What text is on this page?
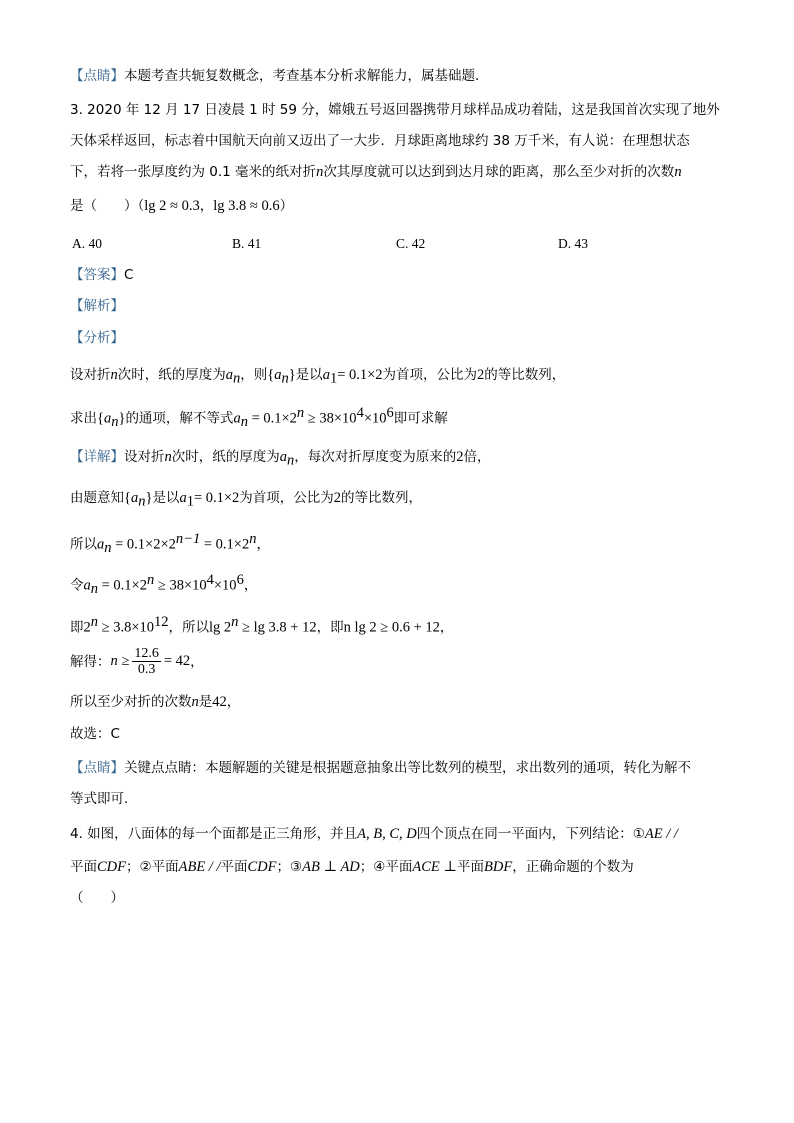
【点睛】本题考查共轭复数概念，考查基本分析求解能力，属基础题.
3. 2020 年 12 月 17 日凌晨 1 时 59 分，嫦娥五号返回器携带月球样品成功着陆，这是我国首次实现了地外
天体采样返回，标志着中国航天向前又迈出了一大步．月球距离地球约 38 万千米，有人说：在理想状态
下，若将一张厚度约为 0.1 毫米的纸对折n次其厚度就可以达到到达月球的距离，那么至少对折的次数n
是（　　）（lg 2 ≈ 0.3，lg 3.8 ≈ 0.6）
A. 40	B. 41	C. 42	D. 43
【答案】C
【解析】
【分析】
设对折n次时，纸的厚度为$a_n$，则$\{a_n\}$是以$a_1= 0.1\times 2$为首项，公比为2的等比数列，
求出$\{a_n\}$的通项，解不等式$a_n = 0.1\times 2^n \ge 38\times 10^4\times 10^6$即可求解
【详解】设对折n次时，纸的厚度为$a_n$，每次对折厚度变为原来的2倍，
由题意知$\{a_n\}$是以$a_1= 0.1\times 2$为首项，公比为2的等比数列，
所以$a_n = 0.1\times 2\times 2^{n-1} = 0.1\times 2^n$，
令$a_n = 0.1\times 2^n \ge 38\times 10^4\times 10^6$，
即$2^n \ge 3.8\times 10^{12}$，所以$\lg 2^n \ge \lg 3.8 + 12$，即n lg 2 ≥ 0.6 + 12，
解得：$n \ge \frac{12.6}{0.3} = 42$，
所以至少对折的次数n是42，
故选：C
【点睛】关键点点睛：本题解题的关键是根据题意抽象出等比数列的模型，求出数列的通项，转化为解不
等式即可.
4. 如图，八面体的每一个面都是正三角形，并且A, B, C, D四个顶点在同一平面内，下列结论：①AE / /
平面CDF；②平面ABE / /平面CDF；③AB ⊥ AD；④平面ACE ⊥平面BDF，正确命题的个数为
（　　）
